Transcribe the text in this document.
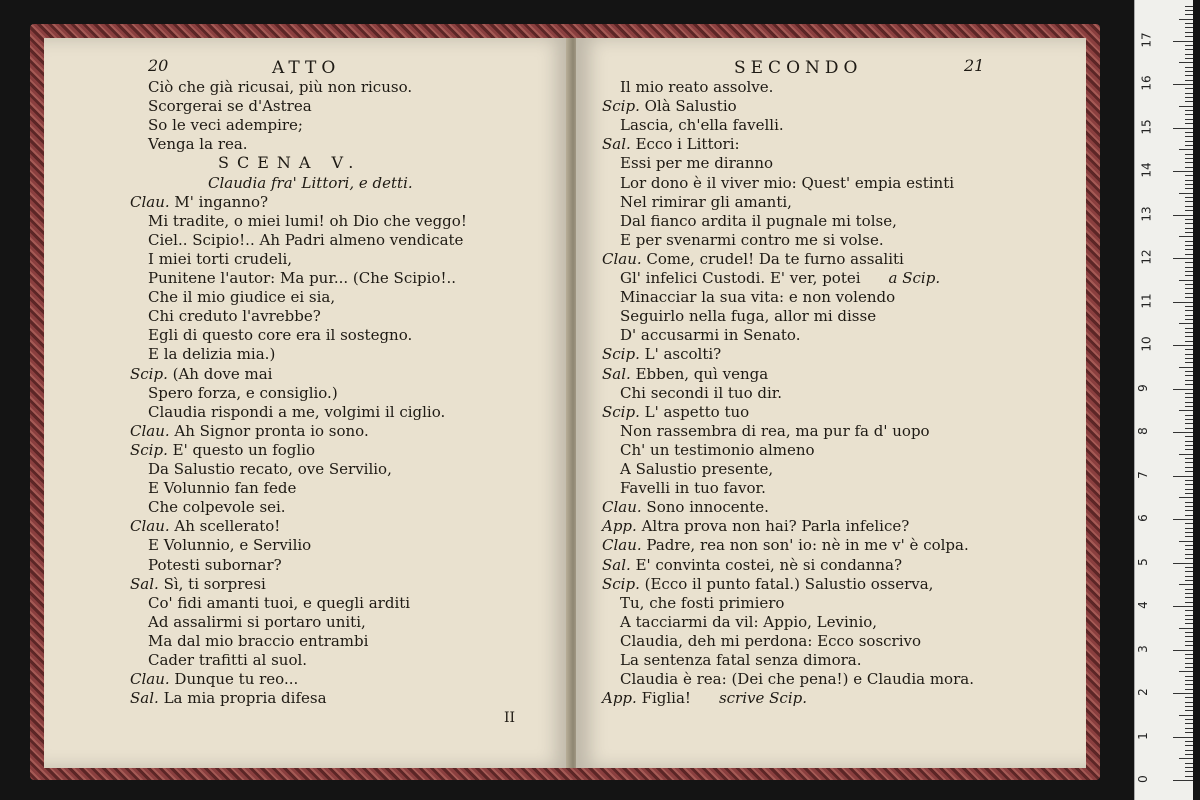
20	ATTO
Ciò che già ricusai, più non ricuso.
Scorgerai se d'Astrea
So le veci adempire;
Venga la rea.
SCENA V.
Claudia fra' Littori, e detti.
Clau. M' inganno?
Mi tradite, o miei lumi! oh Dio che veggo!
Ciel.. Scipio!.. Ah Padri almeno vendicate
I miei torti crudeli,
Punitene l'autor: Ma pur... (Che Scipio!..
Che il mio giudice ei sia,
Chi creduto l'avrebbe?
Egli di questo core era il sostegno.
E la delizia mia.)
Scip. (Ah dove mai
Spero forza, e consiglio.)
Claudia rispondi a me, volgimi il ciglio.
Clau. Ah Signor pronta io sono.
Scip. E' questo un foglio
Da Salustio recato, ove Servilio,
E Volunnio fan fede
Che colpevole sei.
Clau. Ah scellerato!
E Volunnio, e Servilio
Potesti subornar?
Sal. Sì, ti sorpresi
Co' fidi amanti tuoi, e quegli arditi
Ad assalirmi si portaro uniti,
Ma dal mio braccio entrambi
Cader trafitti al suol.
Clau. Dunque tu reo...
Sal. La mia propria difesa
II
SECONDO	21
Il mio reato assolve.
Scip. Olà Salustio
Lascia, ch'ella favelli.
Sal. Ecco i Littori:
Essi per me diranno
Lor dono è il viver mio: Quest' empia estinti
Nel rimirar gli amanti,
Dal fianco ardita il pugnale mi tolse,
E per svenarmi contro me si volse.
Clau. Come, crudel! Da te furno assaliti
Gl' infelici Custodi. E' ver, potei a Scip.
Minacciar la sua vita: e non volendo
Seguirlo nella fuga, allor mi disse
D' accusarmi in Senato.
Scip. L' ascolti?
Sal. Ebben, quì venga
Chi secondi il tuo dir.
Scip. L' aspetto tuo
Non rassembra di rea, ma pur fa d' uopo
Ch' un testimonio almeno
A Salustio presente,
Favelli in tuo favor.
Clau. Sono innocente.
App. Altra prova non hai? Parla infelice?
Clau. Padre, rea non son' io: nè in me v' è colpa.
Sal. E' convinta costei, nè si condanna?
Scip. (Ecco il punto fatal.) Salustio osserva,
Tu, che fosti primiero
A tacciarmi da vil: Appio, Levinio,
Claudia, deh mi perdona: Ecco soscrivo
La sentenza fatal senza dimora.
Claudia è rea: (Dei che pena!) e Claudia mora.
App. Figlia! scrive Scip.
0
1
2
3
4
5
6
7
8
9
10
11
12
13
14
15
16
17
